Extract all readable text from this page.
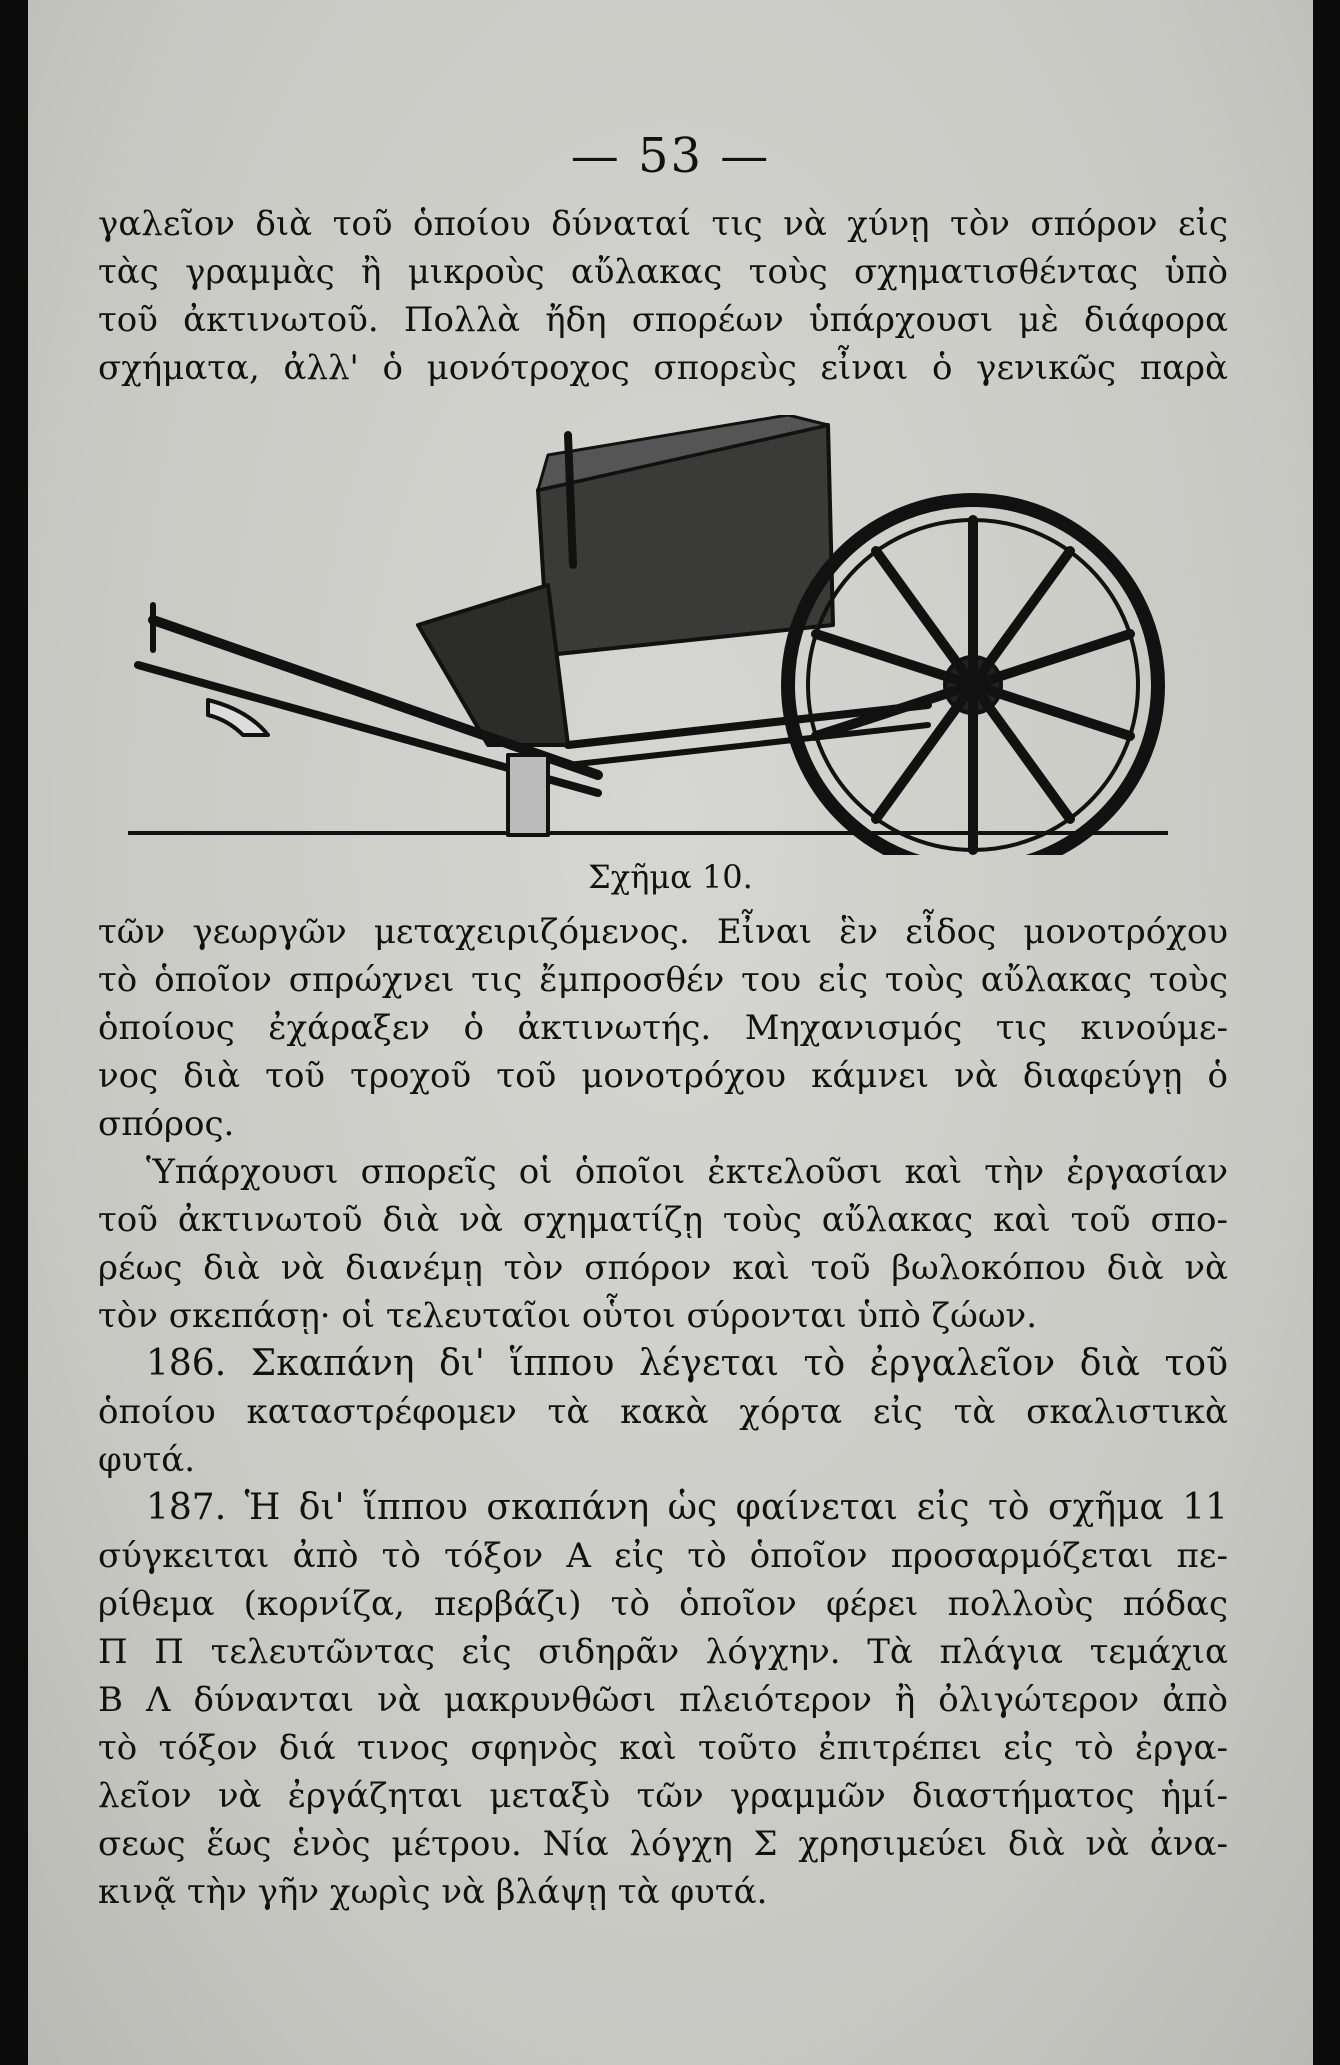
— 53 —
γαλεῖον διὰ τοῦ ὁποίου δύναταί τις νὰ χύνῃ τὸν σπόρον εἰς
τὰς γραμμὰς ἢ μικροὺς αὔλακας τοὺς σχηματισθέντας ὑπὸ
τοῦ ἀκτινωτοῦ. Πολλὰ ἤδη σπορέων ὑπάρχουσι μὲ διάφορα
σχήματα, ἀλλ' ὁ μονότροχος σπορεὺς εἶναι ὁ γενικῶς παρὰ
Σχῆμα 10.
τῶν γεωργῶν μεταχειριζόμενος. Εἶναι ἓν εἶδος μονοτρόχου
τὸ ὁποῖον σπρώχνει τις ἔμπροσθέν του εἰς τοὺς αὔλακας τοὺς
ὁποίους ἐχάραξεν ὁ ἀκτινωτής. Μηχανισμός τις κινούμε-
νος διὰ τοῦ τροχοῦ τοῦ μονοτρόχου κάμνει νὰ διαφεύγῃ ὁ
σπόρος.
Ὑπάρχουσι σπορεῖς οἱ ὁποῖοι ἐκτελοῦσι καὶ τὴν ἐργασίαν
τοῦ ἀκτινωτοῦ διὰ νὰ σχηματίζῃ τοὺς αὔλακας καὶ τοῦ σπο-
ρέως διὰ νὰ διανέμῃ τὸν σπόρον καὶ τοῦ βωλοκόπου διὰ νὰ
τὸν σκεπάσῃ· οἱ τελευταῖοι οὗτοι σύρονται ὑπὸ ζώων.
186. Σκαπάνη δι' ἵππου λέγεται τὸ ἐργαλεῖον διὰ τοῦ
ὁποίου καταστρέφομεν τὰ κακὰ χόρτα εἰς τὰ σκαλιστικὰ
φυτά.
187. Ἡ δι' ἵππου σκαπάνη ὡς φαίνεται εἰς τὸ σχῆμα 11
σύγκειται ἀπὸ τὸ τόξον Α εἰς τὸ ὁποῖον προσαρμόζεται πε-
ρίθεμα (κορνίζα, περβάζι) τὸ ὁποῖον φέρει πολλοὺς πόδας
Π Π τελευτῶντας εἰς σιδηρᾶν λόγχην. Τὰ πλάγια τεμάχια
Β Λ δύνανται νὰ μακρυνθῶσι πλειότερον ἢ ὀλιγώτερον ἀπὸ
τὸ τόξον διά τινος σφηνὸς καὶ τοῦτο ἐπιτρέπει εἰς τὸ ἐργα-
λεῖον νὰ ἐργάζηται μεταξὺ τῶν γραμμῶν διαστήματος ἡμί-
σεως ἕως ἑνὸς μέτρου. Νία λόγχη Σ χρησιμεύει διὰ νὰ ἀνα-
κινᾷ τὴν γῆν χωρὶς νὰ βλάψῃ τὰ φυτά.
